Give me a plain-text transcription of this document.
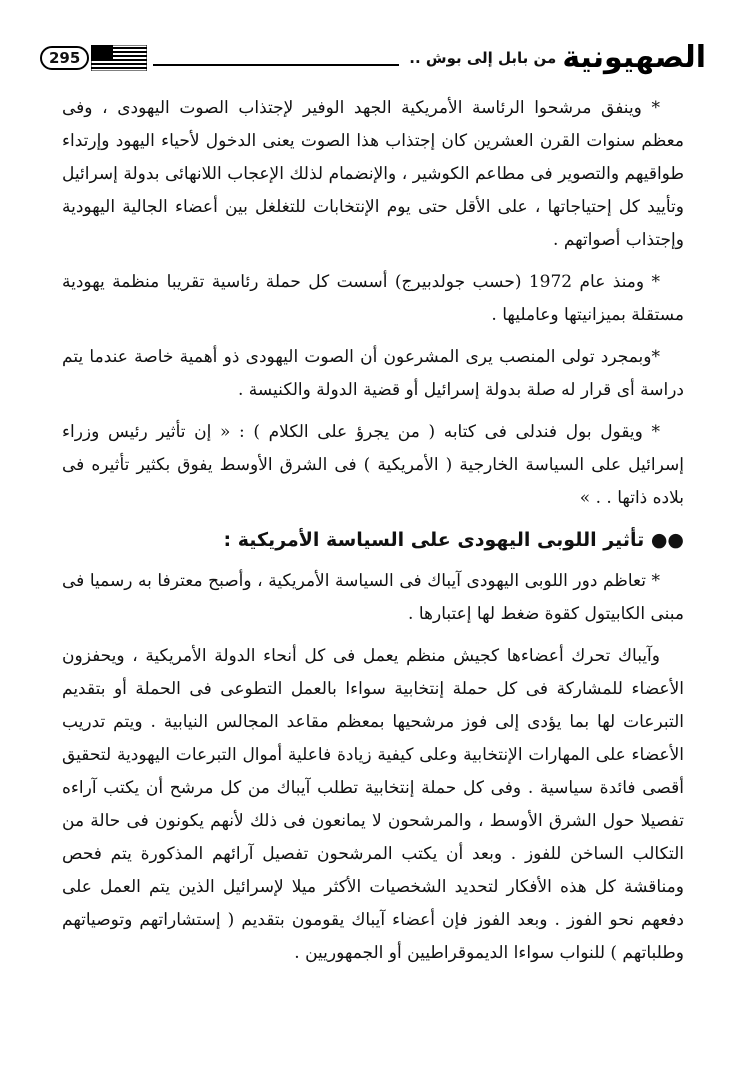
الصهيونية
من بابل إلى بوش ..
295

* وينفق مرشحوا الرئاسة الأمريكية الجهد الوفير لإجتذاب الصوت اليهودى ، وفى معظم سنوات القرن العشرين كان إجتذاب هذا الصوت يعنى الدخول لأحياء اليهود وإرتداء طواقيهم والتصوير فى مطاعم الكوشير ، والإنضمام لذلك الإعجاب اللانهائى بدولة إسرائيل وتأييد كل إحتياجاتها ، على الأقل حتى يوم الإنتخابات للتغلغل بين أعضاء الجالية اليهودية وإجتذاب أصواتهم .

* ومنذ عام 1972 (حسب جولدبيرج) أسست كل حملة رئاسية تقريبا منظمة يهودية مستقلة بميزانيتها وعامليها .

*وبمجرد تولى المنصب يرى المشرعون أن الصوت اليهودى ذو أهمية خاصة عندما يتم دراسة أى قرار له صلة بدولة إسرائيل أو قضية الدولة والكنيسة .

* ويقول بول فندلى فى كتابه ( من يجرؤ على الكلام ) : « إن تأثير رئيس وزراء إسرائيل على السياسة الخارجية ( الأمريكية ) فى الشرق الأوسط يفوق بكثير تأثيره فى بلاده ذاتها . . »

●● تأثير اللوبى اليهودى على السياسة الأمريكية :

* تعاظم دور اللوبى اليهودى آيباك فى السياسة الأمريكية ، وأصبح معترفا به رسميا فى مبنى الكابيتول كقوة ضغط لها إعتبارها .

وآيباك تحرك أعضاءها كجيش منظم يعمل فى كل أنحاء الدولة الأمريكية ، ويحفزون الأعضاء للمشاركة فى كل حملة إنتخابية سواءا بالعمل التطوعى فى الحملة أو بتقديم التبرعات لها بما يؤدى إلى فوز مرشحيها بمعظم مقاعد المجالس النيابية . ويتم تدريب الأعضاء على المهارات الإنتخابية وعلى كيفية زيادة فاعلية أموال التبرعات اليهودية لتحقيق أقصى فائدة سياسية . وفى كل حملة إنتخابية تطلب آيباك من كل مرشح أن يكتب آراءه تفصيلا حول الشرق الأوسط ، والمرشحون لا يمانعون فى ذلك لأنهم يكونون فى حالة من التكالب الساخن للفوز . وبعد أن يكتب المرشحون تفصيل آرائهم المذكورة يتم فحص ومناقشة كل هذه الأفكار لتحديد الشخصيات الأكثر ميلا لإسرائيل الذين يتم العمل على دفعهم نحو الفوز . وبعد الفوز فإن أعضاء آيباك يقومون بتقديم ( إستشاراتهم وتوصياتهم وطلباتهم ) للنواب سواءا الديموقراطيين أو الجمهوريين .
